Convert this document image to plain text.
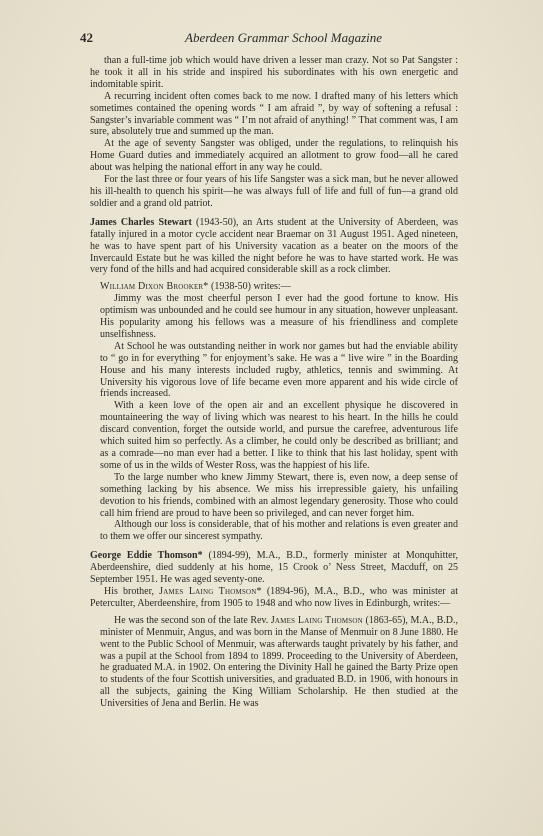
42	Aberdeen Grammar School Magazine

than a full-time job which would have driven a lesser man crazy. Not so Pat Sangster : he took it all in his stride and inspired his subordinates with his own energetic and indomitable spirit.

A recurring incident often comes back to me now. I drafted many of his letters which sometimes contained the opening words “ I am afraid ”, by way of softening a refusal : Sangster’s invariable comment was “ I’m not afraid of anything! ” That comment was, I am sure, absolutely true and summed up the man.

At the age of seventy Sangster was obliged, under the regulations, to relinquish his Home Guard duties and immediately acquired an allotment to grow food—all he cared about was helping the national effort in any way he could.

For the last three or four years of his life Sangster was a sick man, but he never allowed his ill-health to quench his spirit—he was always full of life and full of fun—a grand old soldier and a grand old patriot.

James Charles Stewart (1943-50), an Arts student at the University of Aberdeen, was fatally injured in a motor cycle accident near Braemar on 31 August 1951. Aged nineteen, he was to have spent part of his University vacation as a beater on the moors of the Invercauld Estate but he was killed the night before he was to have started work. He was very fond of the hills and had acquired considerable skill as a rock climber.

William Dixon Brooker* (1938-50) writes:—

Jimmy was the most cheerful person I ever had the good fortune to know. His optimism was unbounded and he could see humour in any situation, however unpleasant. His popularity among his fellows was a measure of his friendliness and complete unselfishness.

At School he was outstanding neither in work nor games but had the enviable ability to “ go in for everything ” for enjoyment’s sake. He was a “ live wire ” in the Boarding House and his many interests included rugby, athletics, tennis and swimming. At University his vigorous love of life became even more apparent and his wide circle of friends increased.

With a keen love of the open air and an excellent physique he discovered in mountaineering the way of living which was nearest to his heart. In the hills he could discard convention, forget the outside world, and pursue the carefree, adventurous life which suited him so perfectly. As a climber, he could only be described as brilliant; and as a comrade—no man ever had a better. I like to think that his last holiday, spent with some of us in the wilds of Wester Ross, was the happiest of his life.

To the large number who knew Jimmy Stewart, there is, even now, a deep sense of something lacking by his absence. We miss his irrepressible gaiety, his unfailing devotion to his friends, combined with an almost legendary generosity. Those who could call him friend are proud to have been so privileged, and can never forget him.

Although our loss is considerable, that of his mother and relations is even greater and to them we offer our sincerest sympathy.

George Eddie Thomson* (1894-99), M.A., B.D., formerly minister at Monquhitter, Aberdeenshire, died suddenly at his home, 15 Crook o’ Ness Street, Macduff, on 25 September 1951. He was aged seventy-one.

His brother, James Laing Thomson* (1894-96), M.A., B.D., who was minister at Peterculter, Aberdeenshire, from 1905 to 1948 and who now lives in Edinburgh, writes:—

He was the second son of the late Rev. James Laing Thomson (1863-65), M.A., B.D., minister of Menmuir, Angus, and was born in the Manse of Menmuir on 8 June 1880. He went to the Public School of Menmuir, was afterwards taught privately by his father, and was a pupil at the School from 1894 to 1899. Proceeding to the University of Aberdeen, he graduated M.A. in 1902. On entering the Divinity Hall he gained the Barty Prize open to students of the four Scottish universities, and graduated B.D. in 1906, with honours in all the subjects, gaining the King William Scholarship. He then studied at the Universities of Jena and Berlin. He was
